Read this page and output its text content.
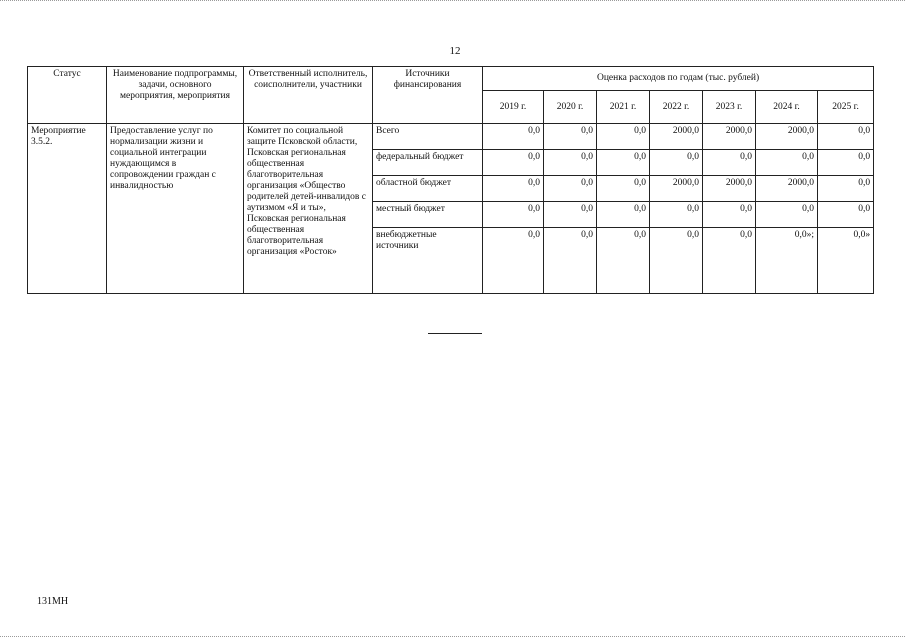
12
Статус	Наименование подпрограммы, задачи, основного мероприятия, мероприятия	Ответственный исполнитель, соисполнители, участники	Источники финансирования	Оценка расходов по годам (тыс. рублей)						
				2019 г.	2020 г.	2021 г.	2022 г.	2023 г.	2024 г.	2025 г.
Мероприятие 3.5.2.	Предоставление услуг по нормализации жизни и социальной интеграции нуждающимся в сопровождении граждан с инвалидностью	Комитет по социальной защите Псковской области, Псковская региональная общественная благотворительная организация «Общество родителей детей-инвалидов с аутизмом «Я и ты», Псковская региональная общественная благотворительная организация «Росток»	Всего	0,0	0,0	0,0	2000,0	2000,0	2000,0	0,0
			федеральный бюджет	0,0	0,0	0,0	0,0	0,0	0,0	0,0
			областной бюджет	0,0	0,0	0,0	2000,0	2000,0	2000,0	0,0
			местный бюджет	0,0	0,0	0,0	0,0	0,0	0,0	0,0
			внебюджетные источники	0,0	0,0	0,0	0,0	0,0	0,0»;	0,0»
131МН
